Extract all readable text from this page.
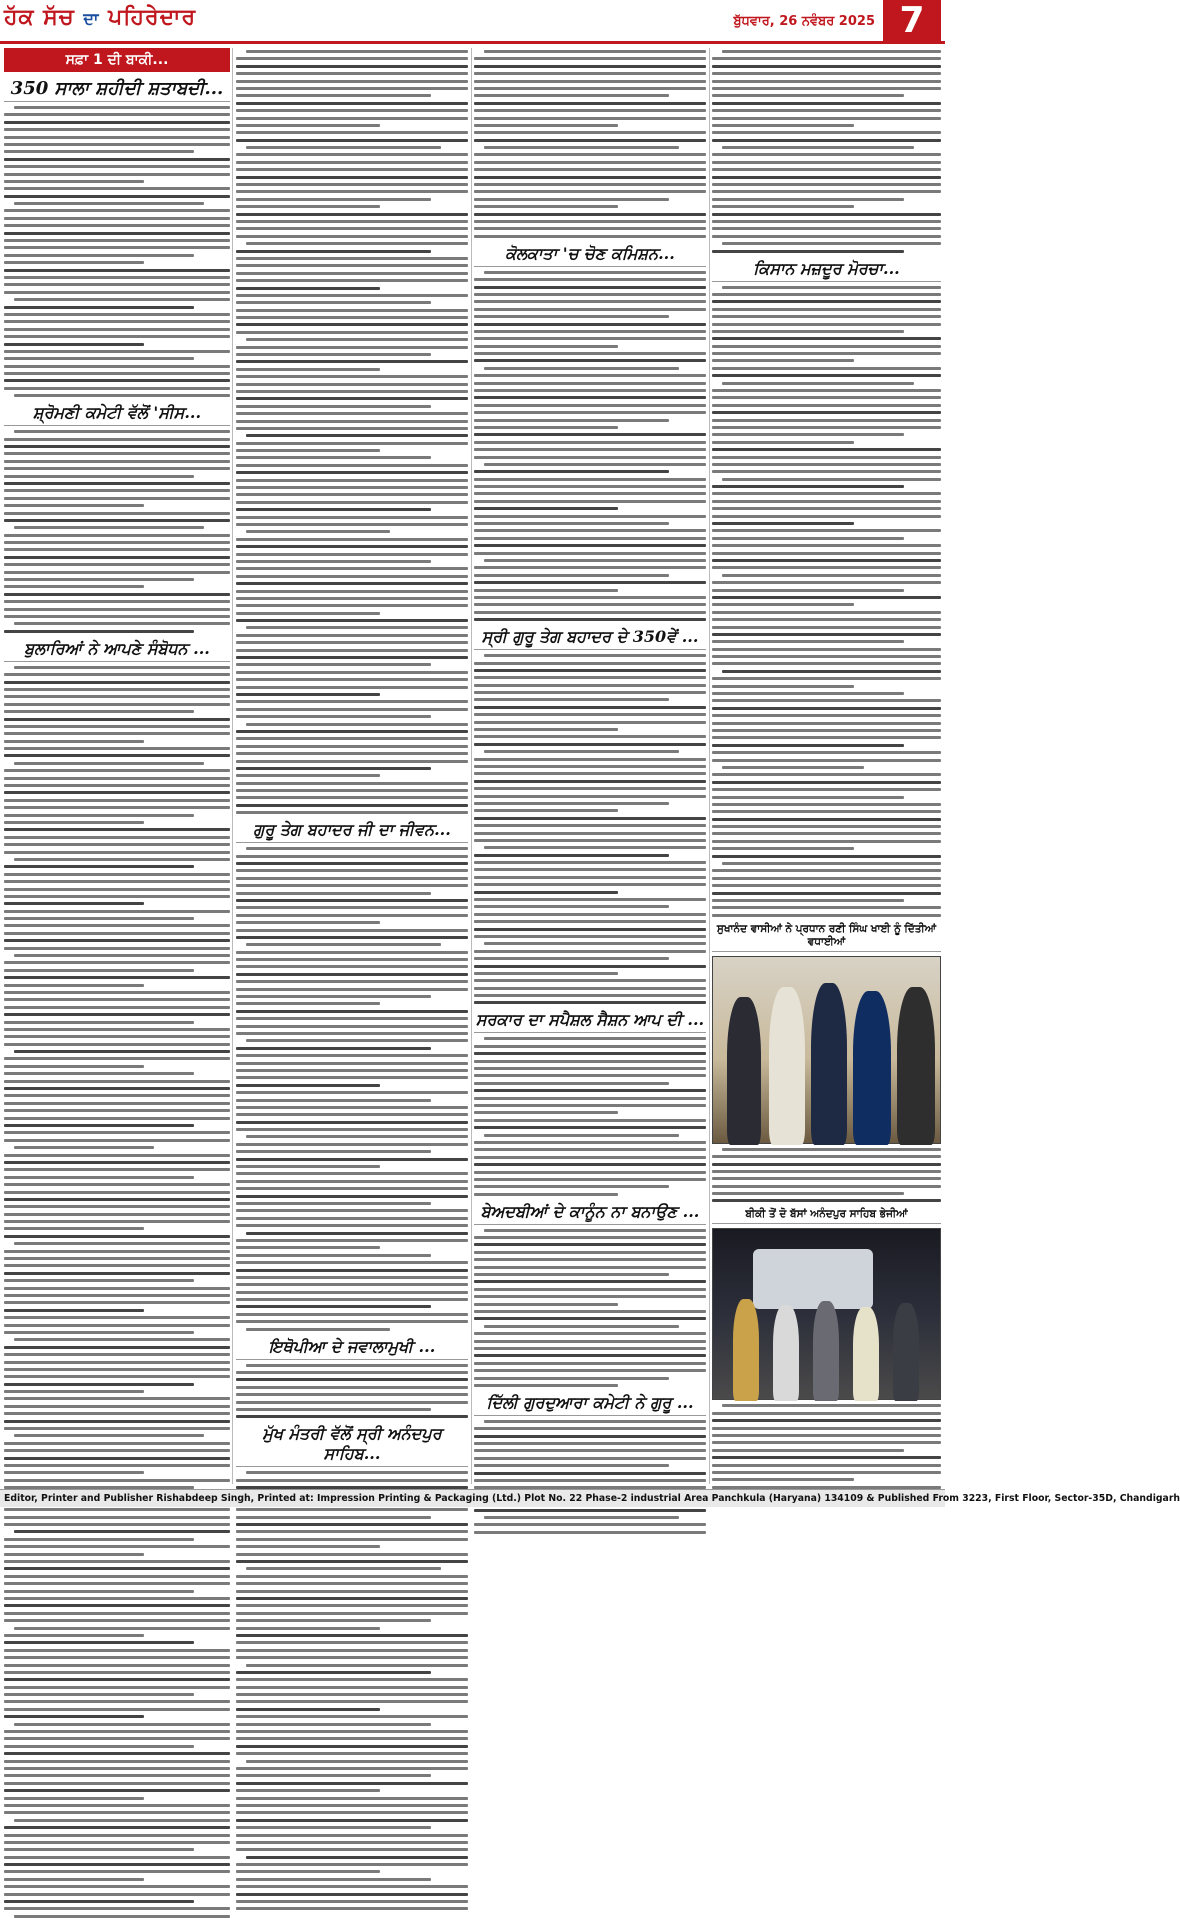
ਹੱਕ ਸੱਚ ਦਾ ਪਹਿਰੇਦਾਰ	ਬੁੱਧਵਾਰ, 26 ਨਵੰਬਰ 2025 7
ਸਫ਼ਾ 1 ਦੀ ਬਾਕੀ...
350 ਸਾਲਾ ਸ਼ਹੀਦੀ ਸ਼ਤਾਬਦੀ...
ਸ਼੍ਰੋਮਣੀ ਕਮੇਟੀ ਵੱਲੋਂ 'ਸੀਸ...
ਬੁਲਾਰਿਆਂ ਨੇ ਆਪਣੇ ਸੰਬੋਧਨ ...
ਗੁਰੂ ਤੇਗ ਬਹਾਦਰ ਜੀ ਦਾ ਜੀਵਨ...
ਇਥੋਪੀਆ ਦੇ ਜਵਾਲਾਮੁਖੀ ...
ਮੁੱਖ ਮੰਤਰੀ ਵੱਲੋਂ ਸ੍ਰੀ ਅਨੰਦਪੁਰ ਸਾਹਿਬ...
ਕੋਲਕਾਤਾ 'ਚ ਚੋਣ ਕਮਿਸ਼ਨ...
ਸ੍ਰੀ ਗੁਰੂ ਤੇਗ ਬਹਾਦਰ ਦੇ 350ਵੇਂ ...
ਸਰਕਾਰ ਦਾ ਸਪੈਸ਼ਲ ਸੈਸ਼ਨ ਆਪ ਦੀ ...
ਬੇਅਦਬੀਆਂ ਦੇ ਕਾਨੂੰਨ ਨਾ ਬਨਾਉਣ ...
ਦਿੱਲੀ ਗੁਰਦੁਆਰਾ ਕਮੇਟੀ ਨੇ ਗੁਰੂ ...
ਕਿਸਾਨ ਮਜ਼ਦੂਰ ਮੋਰਚਾ...
ਸੁਖਾਨੰਦ ਵਾਸੀਆਂ ਨੇ ਪ੍ਰਧਾਨ ਰਣੀ ਸਿੰਘ ਖਾਈ ਨੂੰ ਦਿੱਤੀਆਂ ਵਧਾਈਆਂ
ਬੀਕੀ ਤੋਂ ਦੋ ਬੱਸਾਂ ਅਨੰਦਪੁਰ ਸਾਹਿਬ ਭੇਜੀਆਂ
Editor, Printer and Publisher Rishabdeep Singh, Printed at: Impression Printing & Packaging (Ltd.) Plot No. 22 Phase-2 industrial Area Panchkula (Haryana) 134109 & Published From 3223, First Floor, Sector-35D, Chandigarh
